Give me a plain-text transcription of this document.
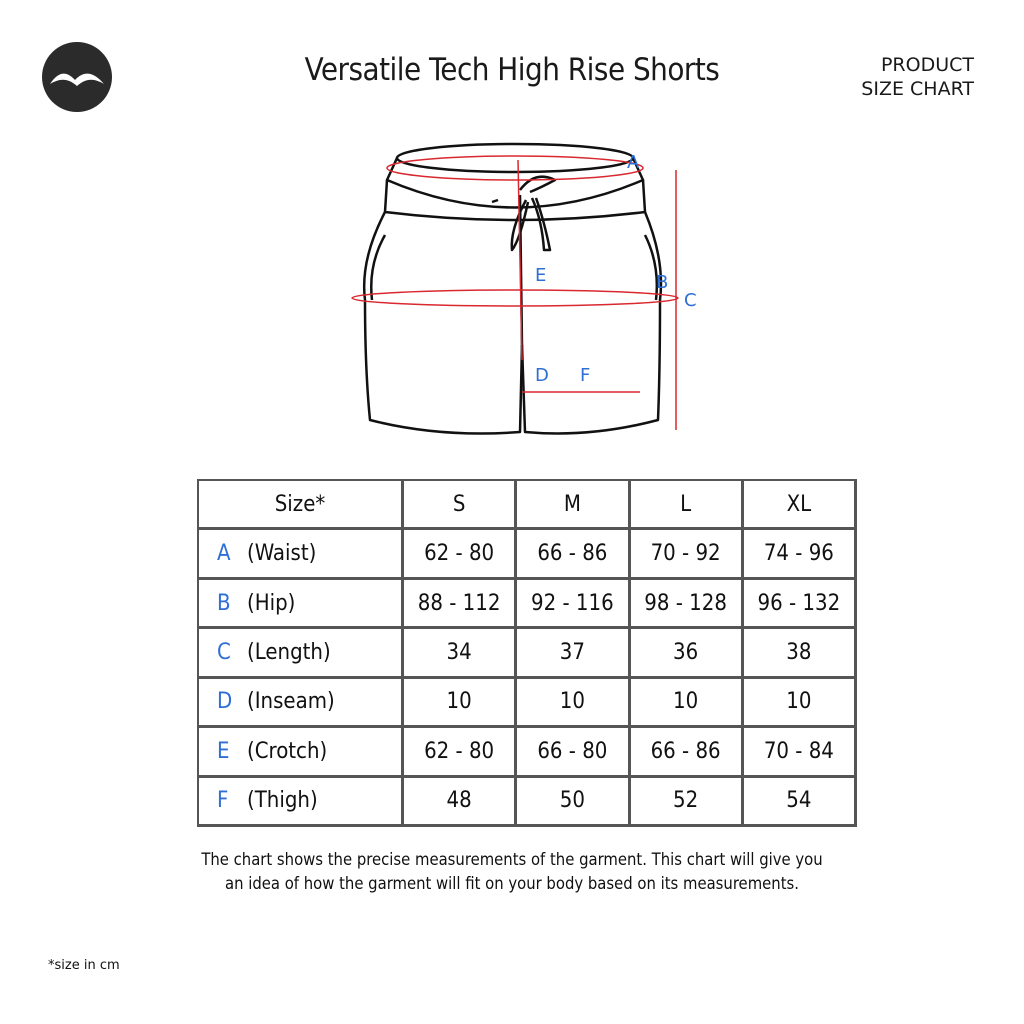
Versatile Tech High Rise Shorts	PRODUCT
SIZE CHART
A
B
C
E
D F
Size*	S	M	L	XL
A (Waist)	62 - 80	66 - 86	70 - 92	74 - 96
B (Hip)	88 - 112	92 - 116	98 - 128	96 - 132
C (Length)	34	37	36	38
D (Inseam)	10	10	10	10
E (Crotch)	62 - 80	66 - 80	66 - 86	70 - 84
F (Thigh)	48	50	52	54
The chart shows the precise measurements of the garment. This chart will give you an idea of how the garment will fit on your body based on its measurements.
*size in cm
